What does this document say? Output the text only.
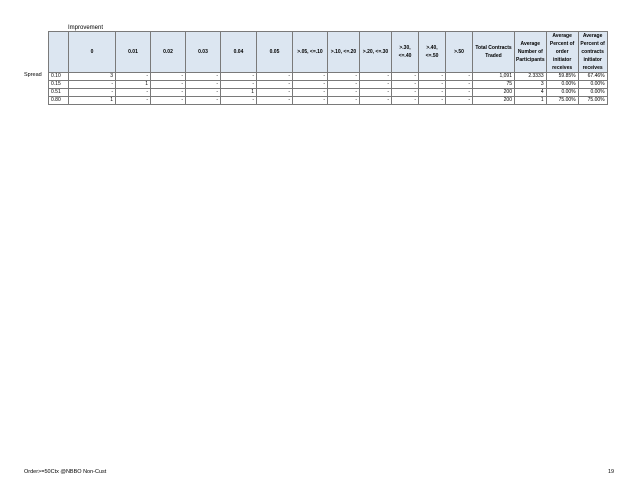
Improvement
Spread
	0	0.01	0.02	0.03	0.04	0.05	>.05, <=.10	>.10, <=.20	>.20, <=.30	>.30, <=.40	>.40, <=.50	>.50	Total Contracts Traded	Average Number of Participants	Average Percent of order initiator receives	Average Percent of contracts initiator receives
0.10	3	-	-	-	-	-	-	-	-	-	-	-	1,091	2.3333	59.85%	67.46%
0.15	-	1	-	-	-	-	-	-	-	-	-	-	75	3	0.00%	0.00%
0.51	-	-	-	-	1	-	-	-	-	-	-	-	200	4	0.00%	0.00%
0.80	1	-	-	-	-	-	-	-	-	-	-	-	200	1	75.00%	75.00%
Order>=50Ctx @NBBO Non-Cust	19
